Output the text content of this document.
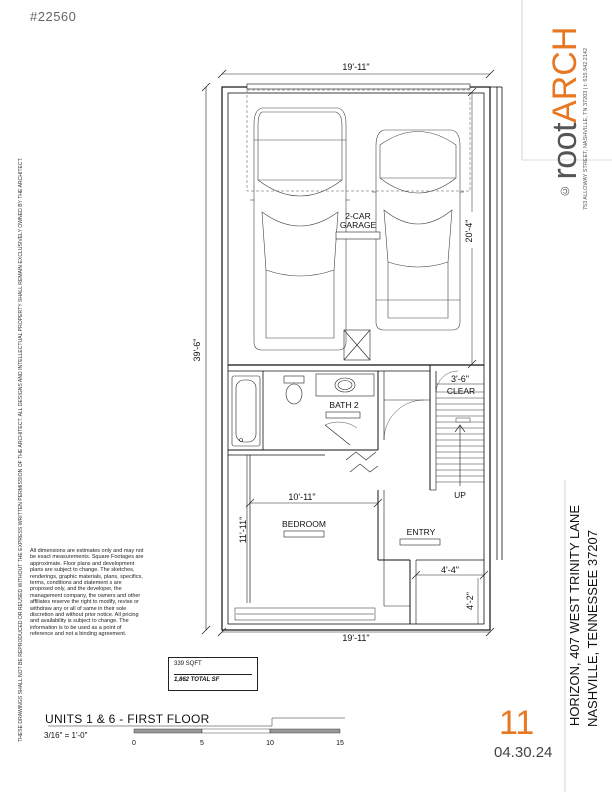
19'-11"
39'-6"
20'-4"
10'-11"
11'-11"
3'-6"
4'-4"
4'-2"
19'-11"
2-CAR
GARAGE
BATH 2
CLEAR
BEDROOM
ENTRY
UP
0	5	10	15
#22560
THESE DRAWINGS SHALL NOT BE REPRODUCED OR REUSED WITHOUT THE EXPRESS WRITTEN PERMISSION OF THE ARCHITECT. ALL DESIGNS AND INTELLECTUAL PROPERTY SHALL REMAIN EXCLUSIVELY OWNED BY THE ARCHITECT. All dimensions are estimates only and may not be exact measurements. Square Footages are approximate. Floor plans and development plans are subject to change. The sketches, renderings, graphic materials, plans, specifics, terms, conditions and statement s are proposed only, and the developer, the management company, the owners and other affiliates reserve the right to modify, revise or withdraw any or all of same in their sole discretion and without prior notice. All pricing and availability is subject to change. The information is to be used as a point of reference and not a binding agreement.
339 SQFT
1,862 TOTAL SF
UNITS 1 & 6 - FIRST FLOOR
3/16" = 1'-0"
© rootARCH 753 ALLOWAY STREET, NASHVILLE, TN 37203 | t: 615.942.2142
HORIZON, 407 WEST TRINITY LANE NASHVILLE, TENNESSEE 37207
11
04.30.24
